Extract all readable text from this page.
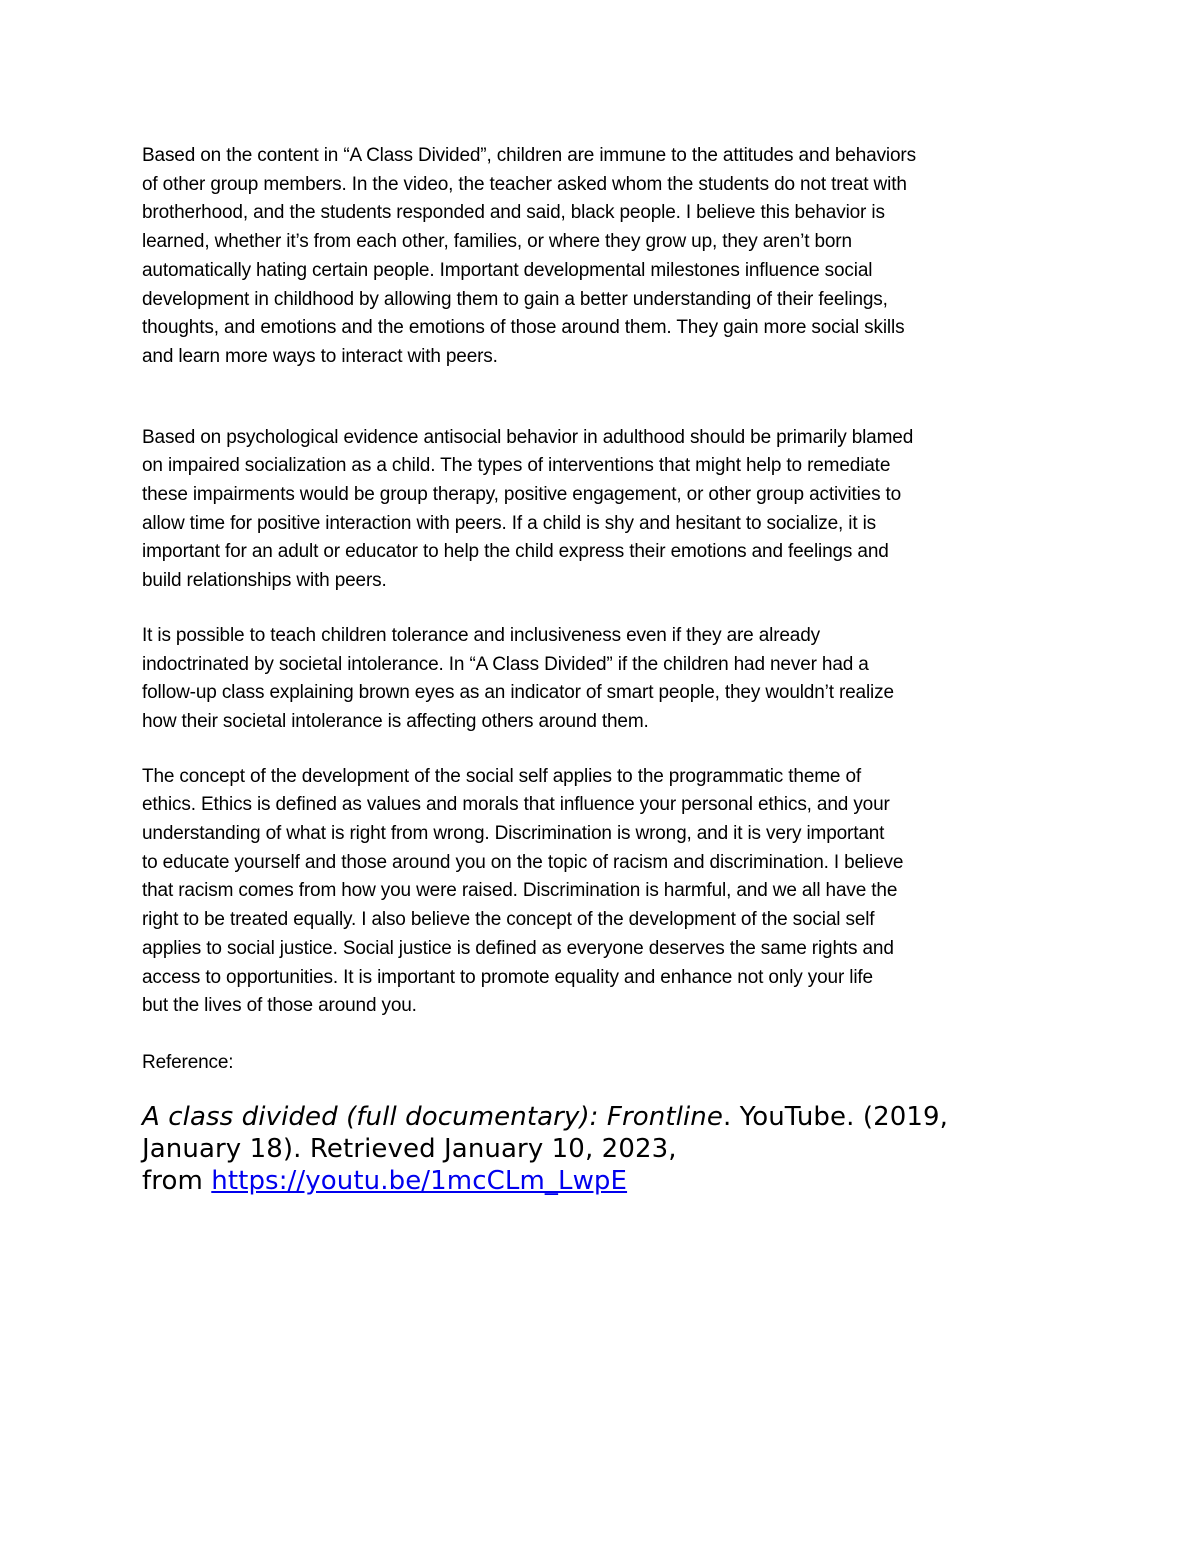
Based on the content in “A Class Divided”, children are immune to the attitudes and behaviors
of other group members. In the video, the teacher asked whom the students do not treat with
brotherhood, and the students responded and said, black people. I believe this behavior is
learned, whether it’s from each other, families, or where they grow up, they aren’t born
automatically hating certain people. Important developmental milestones influence social
development in childhood by allowing them to gain a better understanding of their feelings,
thoughts, and emotions and the emotions of those around them. They gain more social skills
and learn more ways to interact with peers.

Based on psychological evidence antisocial behavior in adulthood should be primarily blamed
on impaired socialization as a child. The types of interventions that might help to remediate
these impairments would be group therapy, positive engagement, or other group activities to
allow time for positive interaction with peers. If a child is shy and hesitant to socialize, it is
important for an adult or educator to help the child express their emotions and feelings and
build relationships with peers.

It is possible to teach children tolerance and inclusiveness even if they are already
indoctrinated by societal intolerance. In “A Class Divided” if the children had never had a
follow-up class explaining brown eyes as an indicator of smart people, they wouldn’t realize
how their societal intolerance is affecting others around them.

The concept of the development of the social self applies to the programmatic theme of
ethics. Ethics is defined as values and morals that influence your personal ethics, and your
understanding of what is right from wrong. Discrimination is wrong, and it is very important
to educate yourself and those around you on the topic of racism and discrimination. I believe
that racism comes from how you were raised. Discrimination is harmful, and we all have the
right to be treated equally. I also believe the concept of the development of the social self
applies to social justice. Social justice is defined as everyone deserves the same rights and
access to opportunities. It is important to promote equality and enhance not only your life
but the lives of those around you.

Reference:

A class divided (full documentary): Frontline. YouTube. (2019,
January 18). Retrieved January 10, 2023,
from https://youtu.be/1mcCLm_LwpE
